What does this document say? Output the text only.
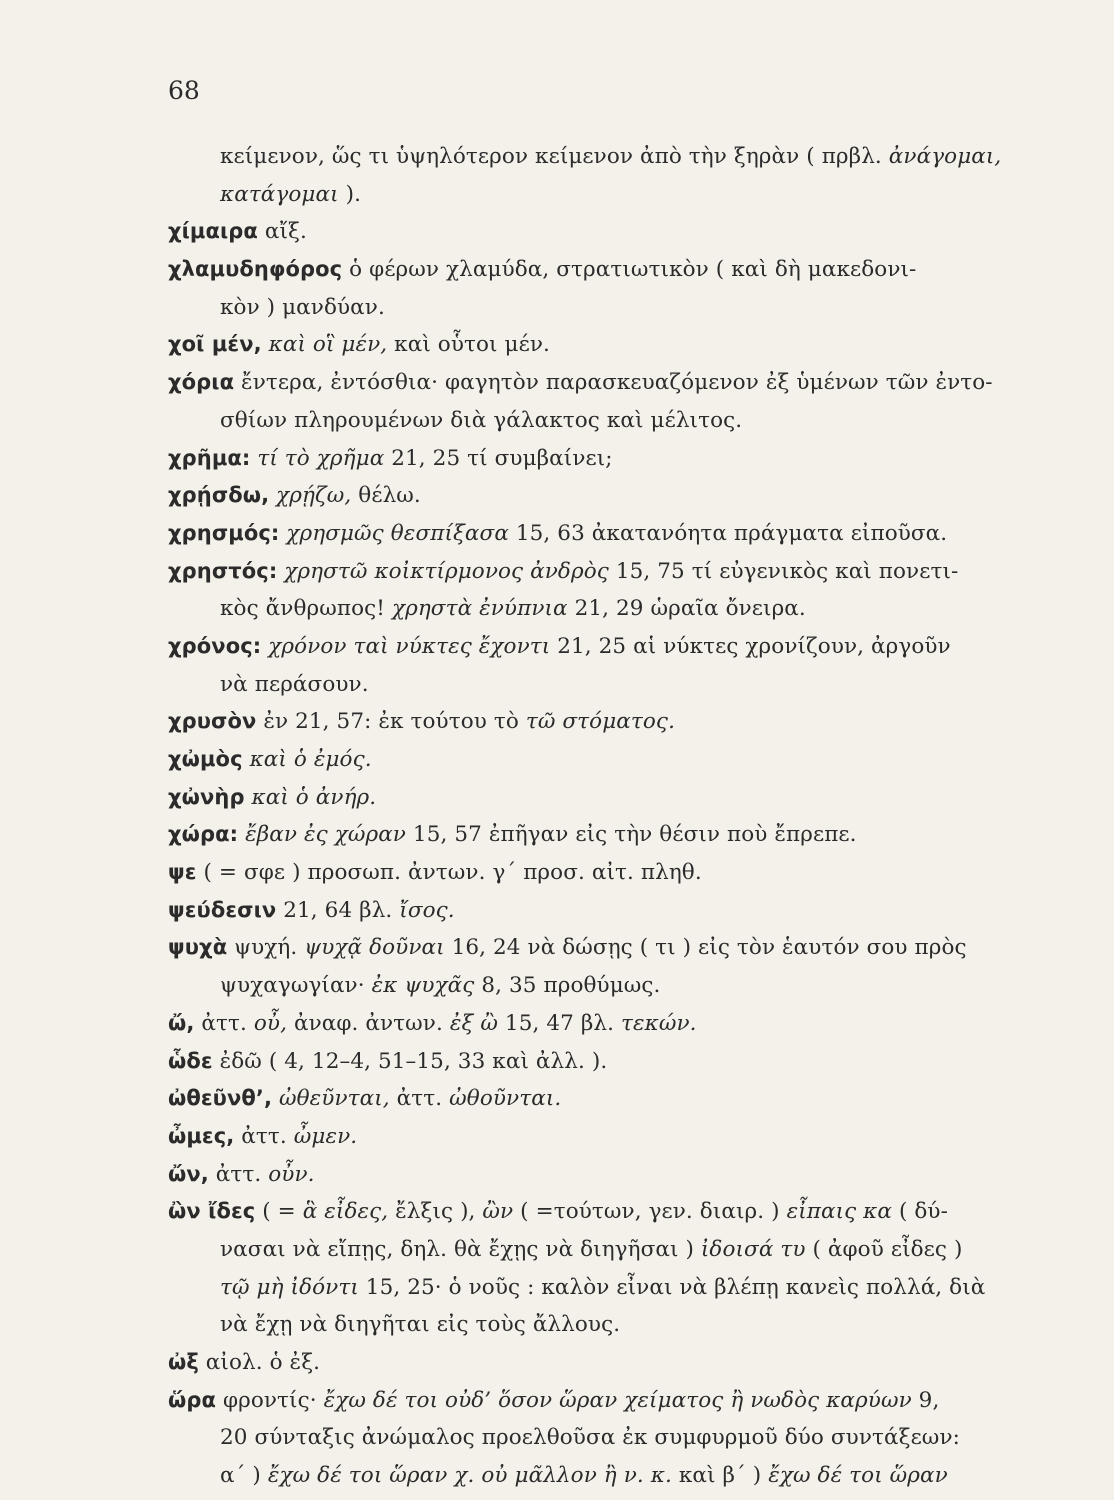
68
κείμενον, ὥς τι ὑψηλότερον κείμενον ἀπὸ τὴν ξηρὰν ( πρβλ. ἀνάγομαι,
κατάγομαι ).
χίμαιρα αἴξ.
χλαμυδηφόρος ὁ φέρων χλαμύδα, στρατιωτικὸν ( καὶ δὴ μακεδονι-
κὸν ) μανδύαν.
χοῖ μέν, καὶ οἳ μέν, καὶ οὗτοι μέν.
χόρια ἔντερα, ἐντόσθια· φαγητὸν παρασκευαζόμενον ἐξ ὑμένων τῶν ἐντο-
σθίων πληρουμένων διὰ γάλακτος καὶ μέλιτος.
χρῆμα: τί τὸ χρῆμα 21, 25 τί συμβαίνει;
χρῄσδω, χρῄζω, θέλω.
χρησμός: χρησμῶς θεσπίξασα 15, 63 ἀκατανόητα πράγματα εἰποῦσα.
χρηστός: χρηστῶ κοἰκτίρμονος ἀνδρὸς 15, 75 τί εὐγενικὸς καὶ πονετι-
κὸς ἄνθρωπος! χρηστὰ ἐνύπνια 21, 29 ὡραῖα ὄνειρα.
χρόνος: χρόνον ταὶ νύκτες ἔχοντι 21, 25 αἱ νύκτες χρονίζουν, ἀργοῦν
νὰ περάσουν.
χρυσὸν ἐν 21, 57: ἐκ τούτου τὸ τῶ στόματος.
χὠμὸς καὶ ὁ ἐμός.
χὠνὴρ καὶ ὁ ἀνήρ.
χώρα: ἔβαν ἐς χώραν 15, 57 ἐπῆγαν εἰς τὴν θέσιν ποὺ ἔπρεπε.
ψε ( = σφε ) προσωπ. ἀντων. γ΄ προσ. αἰτ. πληθ.
ψεύδεσιν 21, 64 βλ. ἴσος.
ψυχὰ ψυχή. ψυχᾷ δοῦναι 16, 24 νὰ δώσῃς ( τι ) εἰς τὸν ἑαυτόν σου πρὸς
ψυχαγωγίαν· ἐκ ψυχᾶς 8, 35 προθύμως.
ὤ, ἀττ. οὖ, ἀναφ. ἀντων. ἐξ ὢ 15, 47 βλ. τεκών.
ὧδε ἐδῶ ( 4, 12–4, 51–15, 33 καὶ ἀλλ. ).
ὠθεῦνθ’, ὠθεῦνται, ἀττ. ὠθοῦνται.
ὦμες, ἀττ. ὦμεν.
ὤν, ἀττ. οὖν.
ὢν ἴδες ( = ἃ εἶδες, ἔλξις ), ὢν ( =τούτων, γεν. διαιρ. ) εἶπαις κα ( δύ-
νασαι νὰ εἴπῃς, δηλ. θὰ ἔχῃς νὰ διηγῆσαι ) ἰδοισά τυ ( ἀφοῦ εἶδες )
τῷ μὴ ἰδόντι 15, 25· ὁ νοῦς : καλὸν εἶναι νὰ βλέπῃ κανεὶς πολλά, διὰ
νὰ ἔχῃ νὰ διηγῆται εἰς τοὺς ἄλλους.
ὠξ αἰολ. ὁ ἐξ.
ὥρα φροντίς· ἔχω δέ τοι οὐδ’ ὅσον ὥραν χείματος ἢ νωδὸς καρύων 9,
20 σύνταξις ἀνώμαλος προελθοῦσα ἐκ συμφυρμοῦ δύο συντάξεων:
α΄ ) ἔχω δέ τοι ὥραν χ. οὐ μᾶλλον ἢ ν. κ. καὶ β΄ ) ἔχω δέ τοι ὥραν
